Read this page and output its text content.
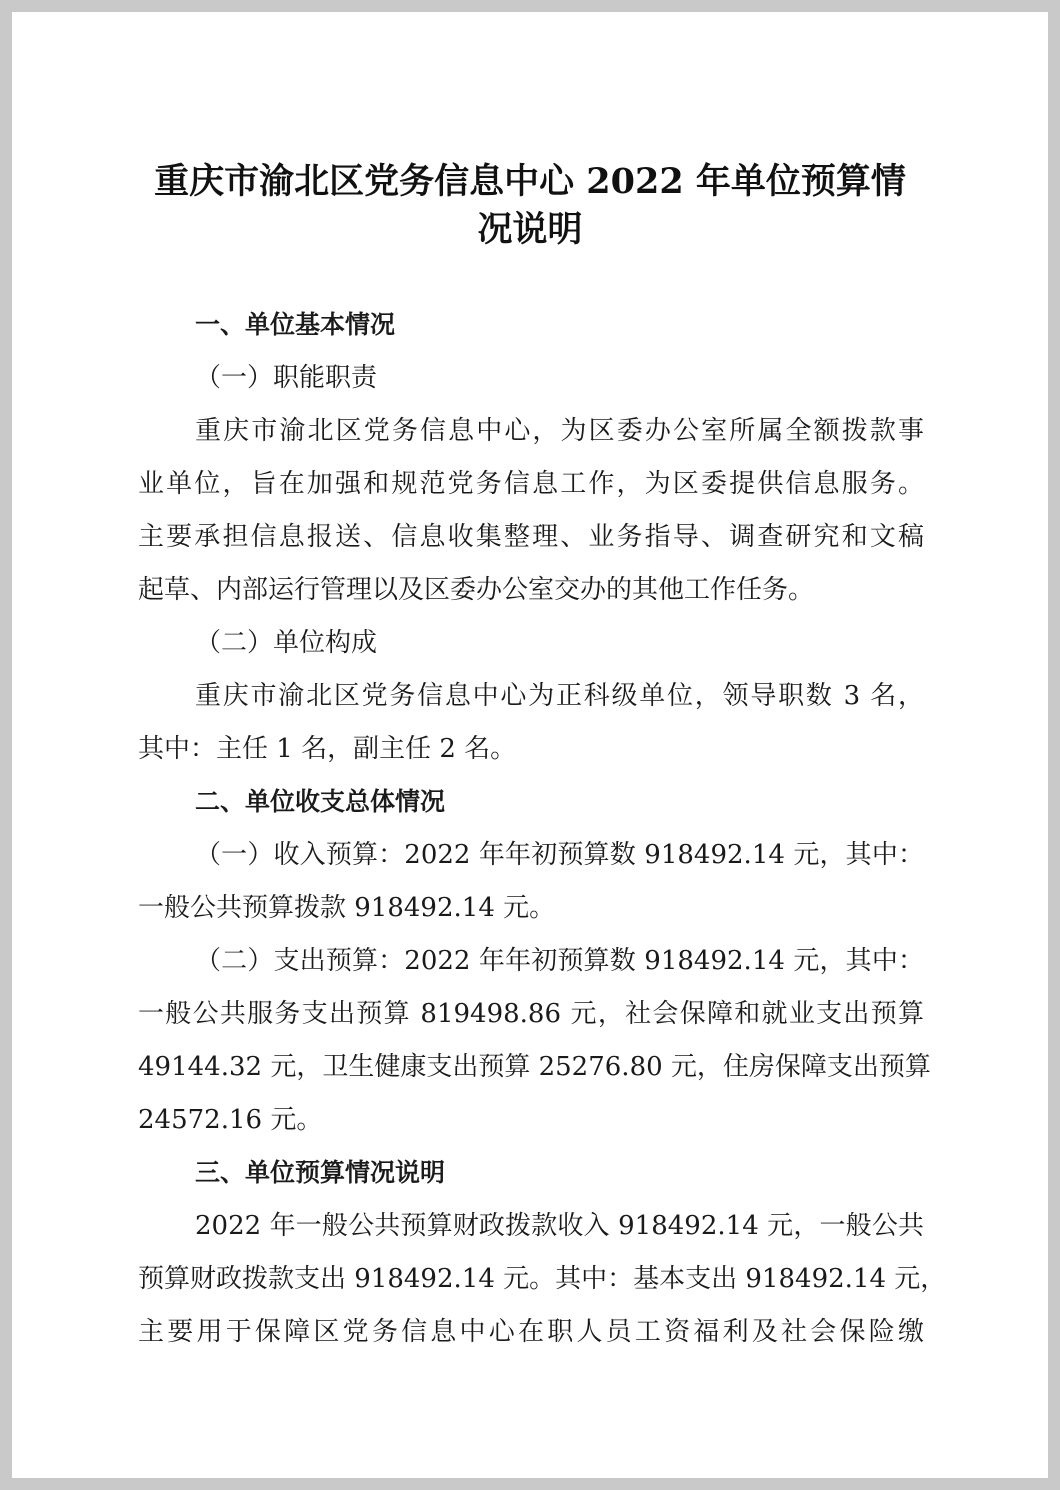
重庆市渝北区党务信息中心 2022 年单位预算情
况说明

一、单位基本情况

（一）职能职责

重庆市渝北区党务信息中心，为区委办公室所属全额拨款事

业单位，旨在加强和规范党务信息工作，为区委提供信息服务。

主要承担信息报送、信息收集整理、业务指导、调查研究和文稿

起草、内部运行管理以及区委办公室交办的其他工作任务。

（二）单位构成

重庆市渝北区党务信息中心为正科级单位，领导职数 3 名，

其中：主任 1 名，副主任 2 名。

二、单位收支总体情况

（一）收入预算：2022 年年初预算数 918492.14 元，其中：

一般公共预算拨款 918492.14 元。

（二）支出预算：2022 年年初预算数 918492.14 元，其中：

一般公共服务支出预算 819498.86 元，社会保障和就业支出预算

49144.32 元，卫生健康支出预算 25276.80 元，住房保障支出预算

24572.16 元。

三、单位预算情况说明

2022 年一般公共预算财政拨款收入 918492.14 元，一般公共

预算财政拨款支出 918492.14 元。其中：基本支出 918492.14 元，

主要用于保障区党务信息中心在职人员工资福利及社会保险缴
